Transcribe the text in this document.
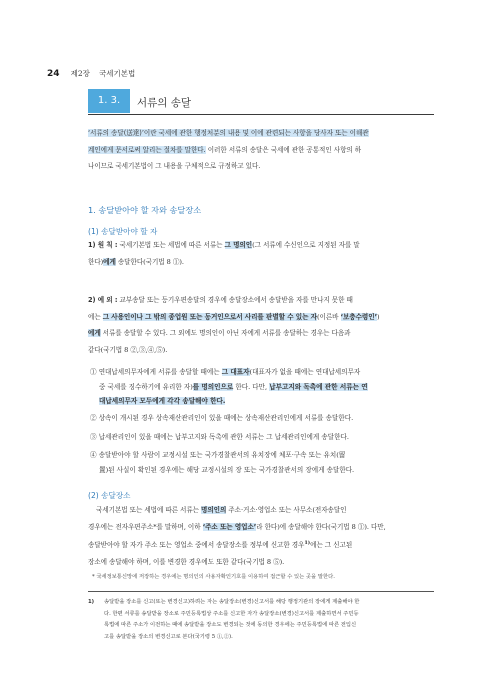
24 제2장 국세기본법
1. 3.	서류의 송달
‘서류의 송달(送達)’이란 국세에 관한 행정처분의 내용 및 이에 관련되는 사항을 당사자 또는 이해관
계인에게 문서로써 알리는 절차를 말한다. 이러한 서류의 송달은 국세에 관한 공통적인 사항의 하
나이므로 국세기본법이 그 내용을 구체적으로 규정하고 있다.
1. 송달받아야 할 자와 송달장소
(1) 송달받아야 할 자
1) 원 칙 : 국세기본법 또는 세법에 따른 서류는 그 명의인(그 서류에 수신인으로 지정된 자를 말
한다)에게 송달한다(국기법 8 ①).
2) 예 외 : 교부송달 또는 등기우편송달의 경우에 송달장소에서 송달받을 자를 만나지 못한 때
에는 그 사용인이나 그 밖의 종업원 또는 동거인으로서 사리를 판별할 수 있는 자(이른바 ‘보충수령인’)
에게 서류를 송달할 수 있다. 그 외에도 명의인이 아닌 자에게 서류를 송달하는 경우는 다음과
같다(국기법 8 ②,③,④,⑤).
① 연대납세의무자에게 서류를 송달할 때에는 그 대표자(대표자가 없을 때에는 연대납세의무자
중 국세를 징수하기에 유리한 자)를 명의인으로 한다. 다만, 납부고지와 독촉에 관한 서류는 연
대납세의무자 모두에게 각각 송달해야 한다.
② 상속이 개시된 경우 상속재산관리인이 있을 때에는 상속재산관리인에게 서류를 송달한다.
③ 납세관리인이 있을 때에는 납부고지와 독촉에 관한 서류는 그 납세관리인에게 송달한다.
④ 송달받아야 할 사람이 교정시설 또는 국가경찰관서의 유치장에 체포·구속 또는 유치(留
置)된 사실이 확인된 경우에는 해당 교정시설의 장 또는 국가경찰관서의 장에게 송달한다.
(2) 송달장소
국세기본법 또는 세법에 따른 서류는 명의인의 주소·거소·영업소 또는 사무소(전자송달인
경우에는 전자우편주소*를 말하며, 이하 ‘주소 또는 영업소’라 한다)에 송달해야 한다(국기법 8 ①). 다만,
송달받아야 할 자가 주소 또는 영업소 중에서 송달장소를 정부에 신고한 경우$^{1)}$에는 그 신고된
장소에 송달해야 하며, 이를 변경한 경우에도 또한 같다(국기법 8 ⑤).
* 국세정보통신망에 저장하는 경우에는 명의인의 사용자확인기호를 이용하여 접근할 수 있는 곳을 말한다.
1)	송달받을 장소를 신고(또는 변경신고)하려는 자는 송달장소(변경)신고서를 해당 행정기관의 장에게 제출해야 한
다. 한편 서류를 송달받을 장소로 주민등록법상 주소를 신고한 자가 송달장소(변경)신고서를 제출하면서 주민등
록법에 따른 주소가 이전하는 때에 송달받을 장소도 변경되는 것에 동의한 경우에는 주민등록법에 따른 전입신
고를 송달받을 장소의 변경신고로 본다(국기령 5 ①,②).
